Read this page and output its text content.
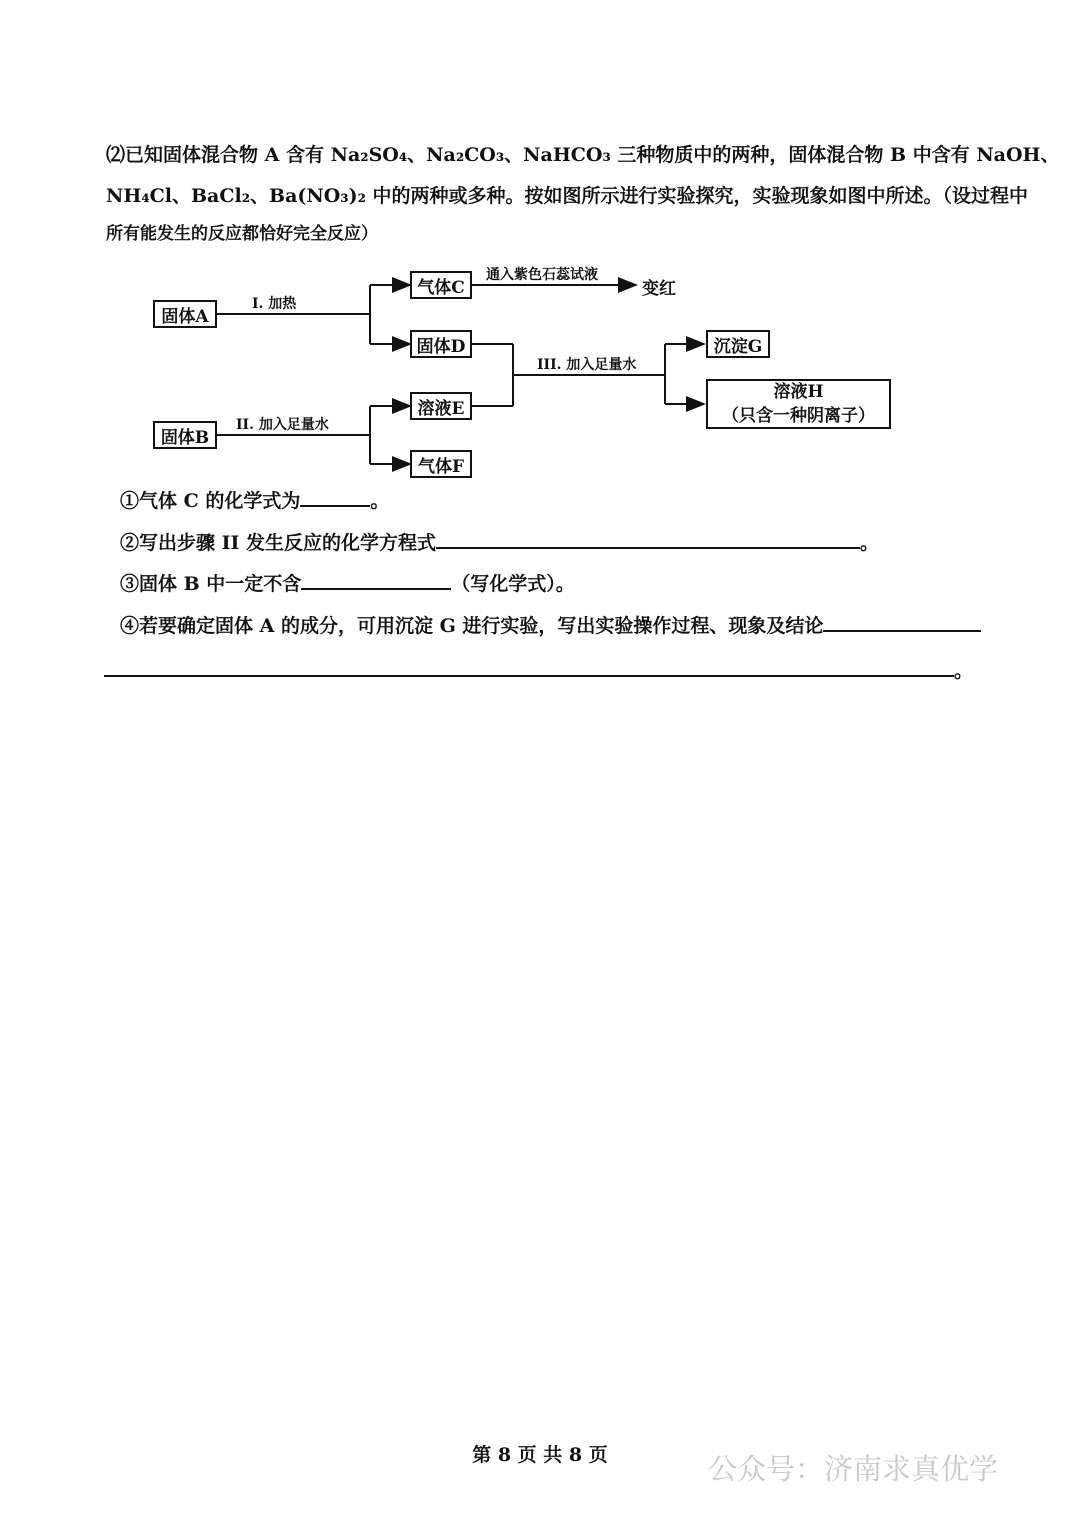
⑵已知固体混合物 A 含有 Na₂SO₄、Na₂CO₃、NaHCO₃ 三种物质中的两种，固体混合物 B 中含有 NaOH、
NH₄Cl、BaCl₂、Ba(NO₃)₂ 中的两种或多种。按如图所示进行实验探究，实验现象如图中所述。（设过程中
所有能发生的反应都恰好完全反应）
固体A
固体B
气体C
固体D
溶液E
气体F
沉淀G
溶液H
（只含一种阴离子）
I. 加热
II. 加入足量水
III. 加入足量水
通入紫色石蕊试液
变红
①气体 C 的化学式为	。
②写出步骤 II 发生反应的化学方程式	。
③固体 B 中一定不含	（写化学式）。
④若要确定固体 A 的成分，可用沉淀 G 进行实验，写出实验操作过程、现象及结论
。
第 8 页 共 8 页	公众号：济南求真优学
